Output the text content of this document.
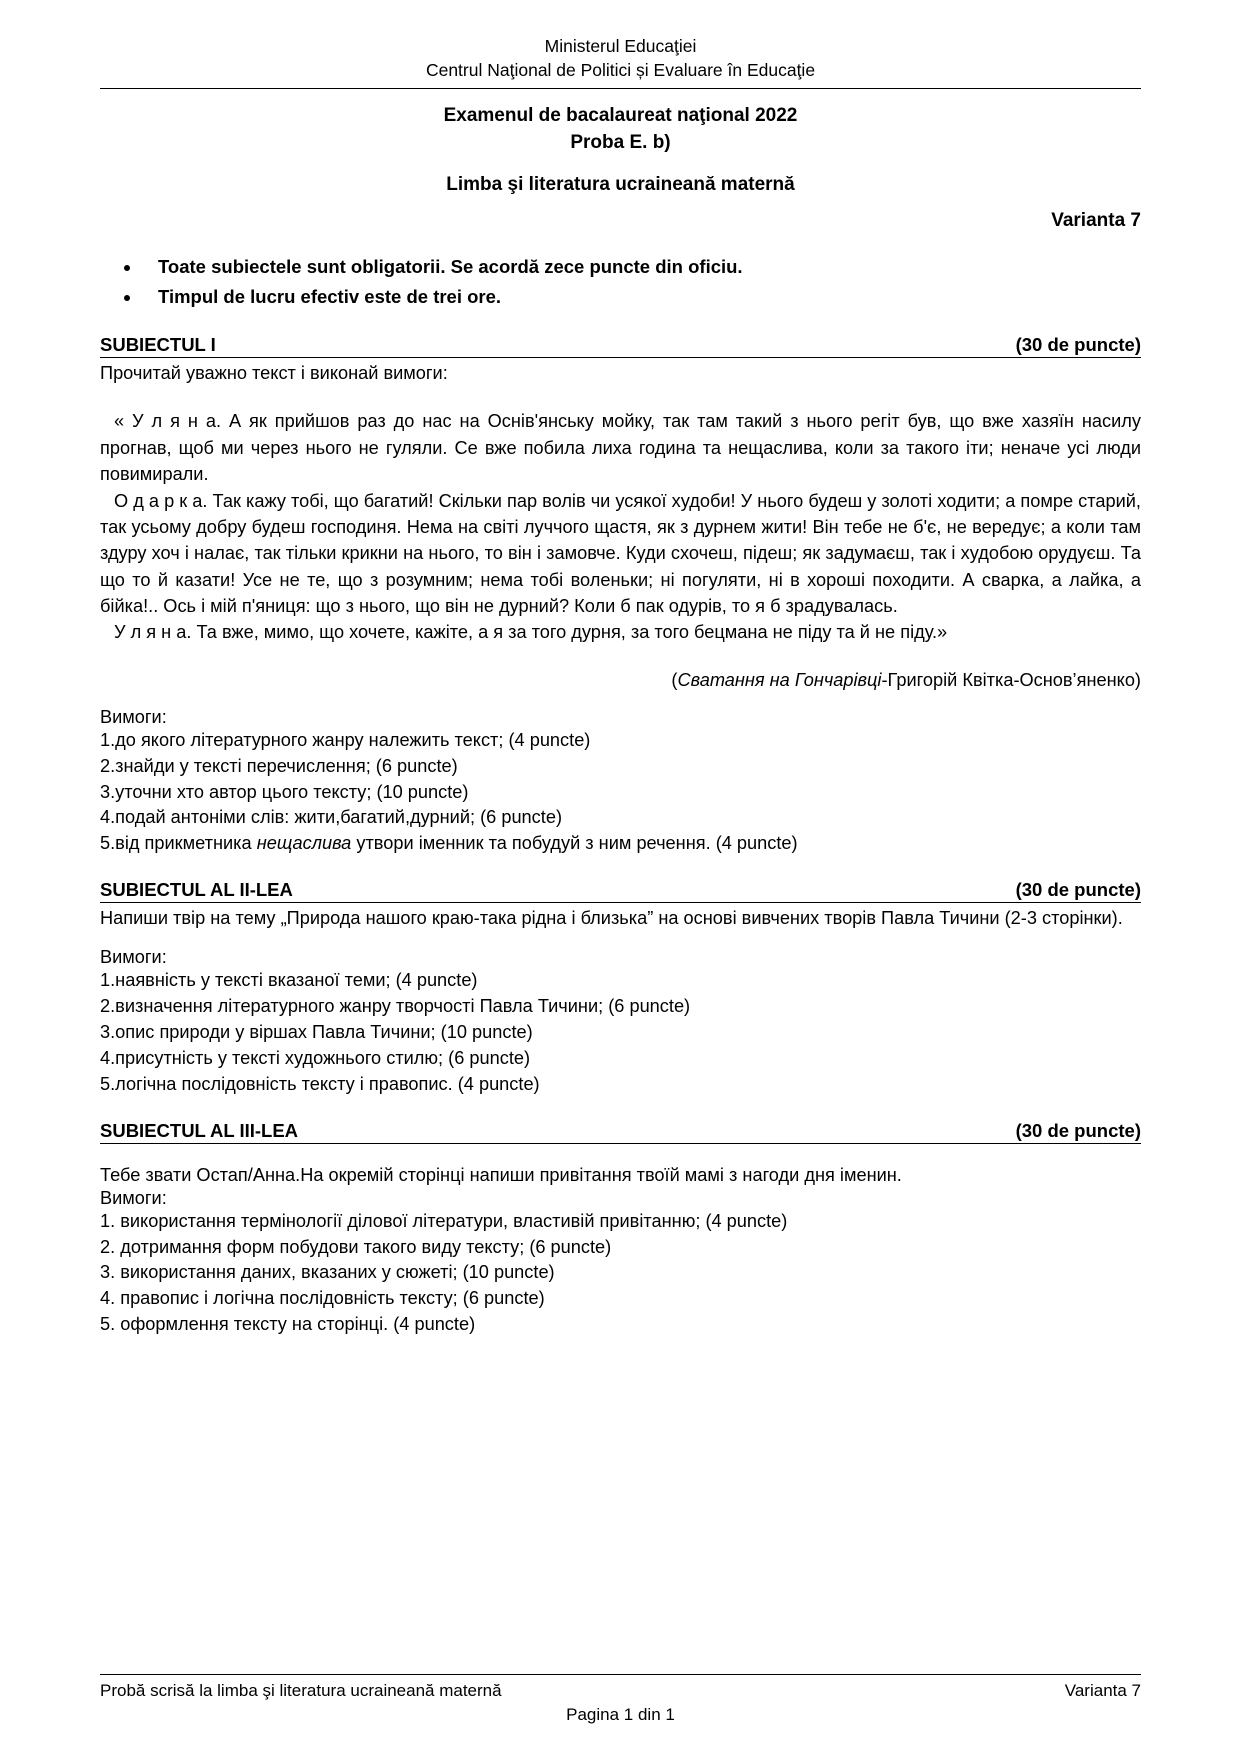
Ministerul Educaţiei
Centrul Naţional de Politici și Evaluare în Educaţie
Examenul de bacalaureat naţional 2022
Proba E. b)
Limba şi literatura ucraineană maternă
Varianta 7
• Toate subiectele sunt obligatorii. Se acordă zece puncte din oficiu.
• Timpul de lucru efectiv este de trei ore.
SUBIECTUL I	(30 de puncte)
Прочитай уважно текст і виконай вимоги:

« У л я н а. А як прийшов раз до нас на Оснів'янську мойку, так там такий з нього регіт був, що вже хазяїн насилу прогнав, щоб ми через нього не гуляли. Се вже побила лиха година та нещаслива, коли за такого іти; неначе усі люди повимирали.

О д а р к а. Так кажу тобі, що багатий! Скільки пар волів чи усякої худоби! У нього будеш у золоті ходити; а помре старий, так усьому добру будеш господиня. Нема на світі луччого щастя, як з дурнем жити! Він тебе не б'є, не вередує; а коли там здуру хоч і налає, так тільки крикни на нього, то він і замовче. Куди схочеш, підеш; як задумаєш, так і худобою орудуєш. Та що то й казати! Усе не те, що з розумним; нема тобі воленьки; ні погуляти, ні в хороші походити. А сварка, а лайка, а бійка!.. Ось і мій п'яниця: що з нього, що він не дурний? Коли б пак одурів, то я б зрадувалась.

У л я н а. Та вже, мимо, що хочете, кажіте, а я за того дурня, за того бецмана не піду та й не піду.»

(Сватання на Гончарівці-Григорій Квітка-Основ’яненко)
Вимоги:
1.до якого літературного жанру належить текст; (4 puncte)
2.знайди у тексті перечислення; (6 puncte)
3.уточни хто автор цього тексту; (10 puncte)
4.подай антоніми слів: жити,багатий,дурний; (6 puncte)
5.від прикметника нещаслива утвори іменник та побудуй з ним речення. (4 puncte)
SUBIECTUL AL II-LEA	(30 de puncte)
Напиши твір на тему „Природа нашого краю-така рідна і близька” на основі вивчених творів Павла Тичини (2-3 сторінки).
Вимоги:
1.наявність у тексті вказаної теми; (4 puncte)
2.визначення літературного жанру творчості Павла Тичини; (6 puncte)
3.опис природи у віршах Павла Тичини; (10 puncte)
4.присутність у тексті художнього стилю; (6 puncte)
5.логічна послідовність тексту і правопис. (4 puncte)
SUBIECTUL AL III-LEA	(30 de puncte)
Тебе звати Остап/Анна.На окремій сторінці напиши привітання твоїй мамі з нагоди дня іменин.
Вимоги:
1. використання термінології ділової літератури, властивій привітанню; (4 puncte)
2. дотримання форм побудови такого виду тексту; (6 puncte)
3. використання даних, вказаних у сюжеті; (10 puncte)
4. правопис і логічна послідовність тексту; (6 puncte)
5. оформлення тексту на сторінці. (4 puncte)
Probă scrisă la limba şi literatura ucraineană maternă	Varianta 7
Pagina 1 din 1
